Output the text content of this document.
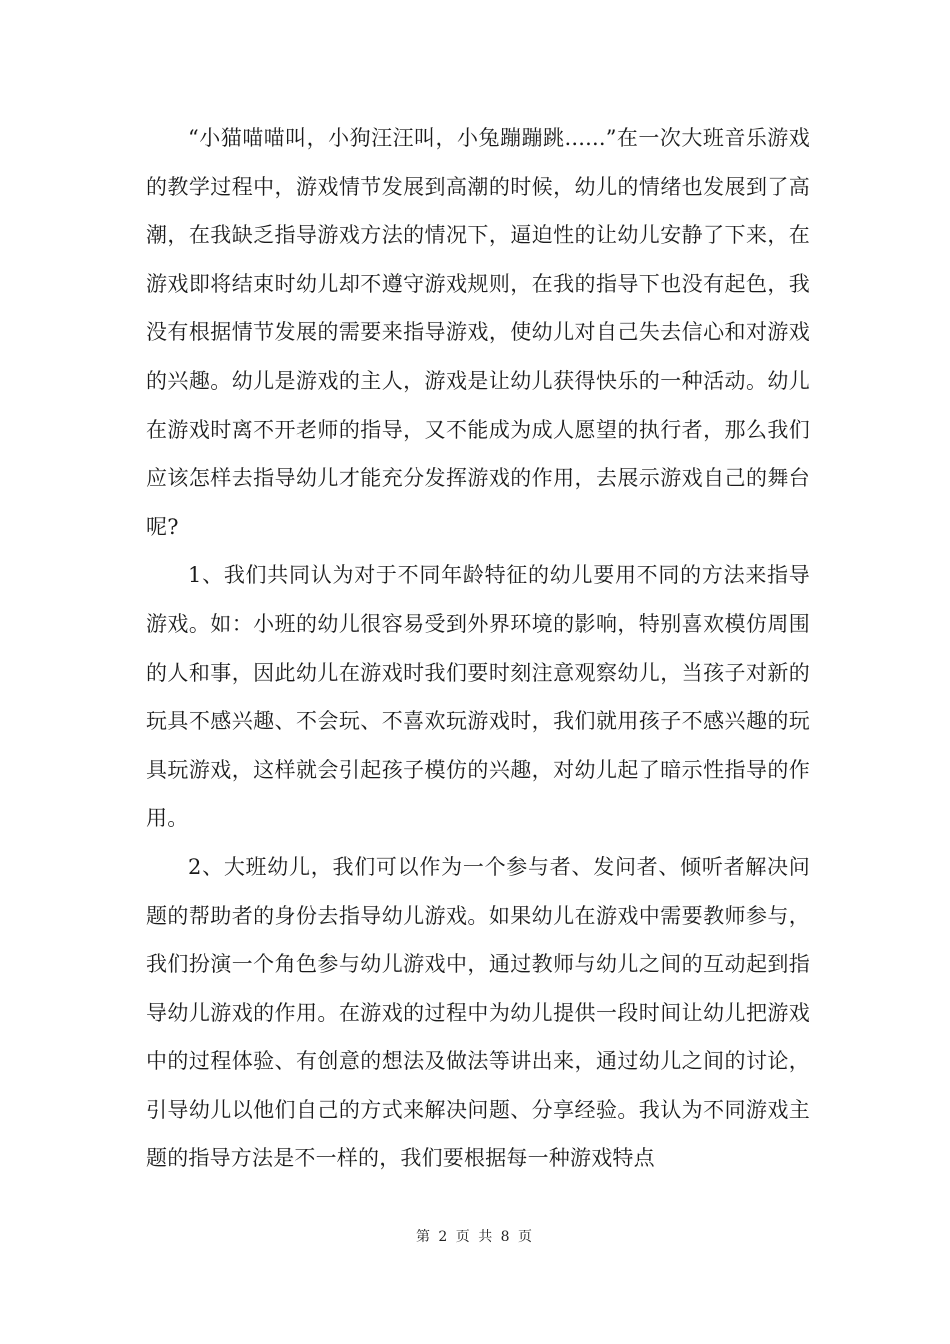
“小猫喵喵叫，小狗汪汪叫，小兔蹦蹦跳......”在一次大班音乐游戏的教学过程中，游戏情节发展到高潮的时候，幼儿的情绪也发展到了高潮，在我缺乏指导游戏方法的情况下，逼迫性的让幼儿安静了下来，在游戏即将结束时幼儿却不遵守游戏规则，在我的指导下也没有起色，我没有根据情节发展的需要来指导游戏，使幼儿对自己失去信心和对游戏的兴趣。幼儿是游戏的主人，游戏是让幼儿获得快乐的一种活动。幼儿在游戏时离不开老师的指导，又不能成为成人愿望的执行者，那么我们应该怎样去指导幼儿才能充分发挥游戏的作用，去展示游戏自己的舞台呢?

1、我们共同认为对于不同年龄特征的幼儿要用不同的方法来指导游戏。如：小班的幼儿很容易受到外界环境的影响，特别喜欢模仿周围的人和事，因此幼儿在游戏时我们要时刻注意观察幼儿，当孩子对新的玩具不感兴趣、不会玩、不喜欢玩游戏时，我们就用孩子不感兴趣的玩具玩游戏，这样就会引起孩子模仿的兴趣，对幼儿起了暗示性指导的作用。

2、大班幼儿，我们可以作为一个参与者、发问者、倾听者解决问题的帮助者的身份去指导幼儿游戏。如果幼儿在游戏中需要教师参与，我们扮演一个角色参与幼儿游戏中，通过教师与幼儿之间的互动起到指导幼儿游戏的作用。在游戏的过程中为幼儿提供一段时间让幼儿把游戏中的过程体验、有创意的想法及做法等讲出来，通过幼儿之间的讨论，引导幼儿以他们自己的方式来解决问题、分享经验。我认为不同游戏主题的指导方法是不一样的，我们要根据每一种游戏特点

第 2 页 共 8 页
